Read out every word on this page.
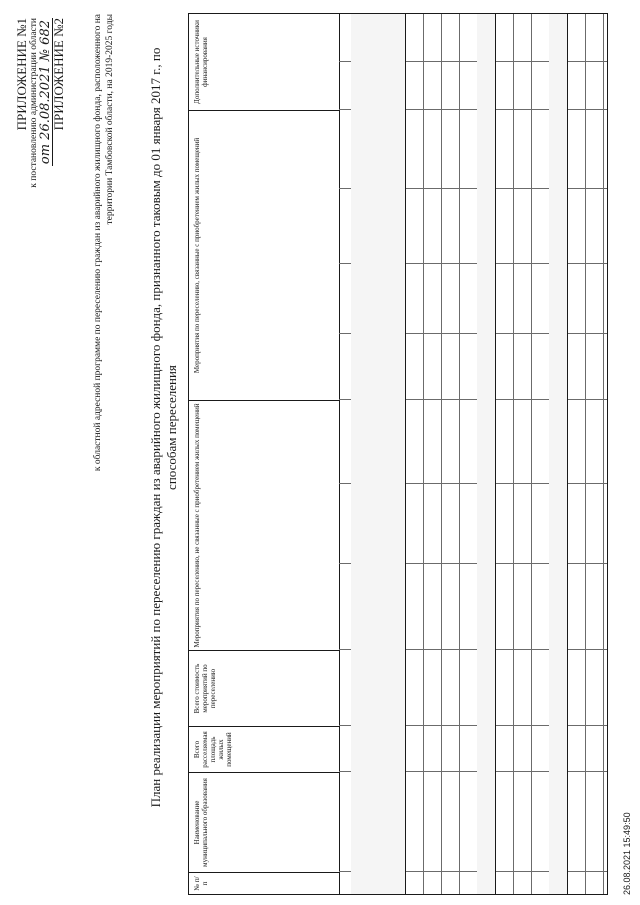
ПРИЛОЖЕНИЕ №1 к постановлению администрации области от 26.08.2021 № 682
ПРИЛОЖЕНИЕ №2	к областной адресной программе по переселению граждан из аварийного жилищного фонда, расположенного на территории Тамбовской области, на 2019-2025 годы	План реализации мероприятий по переселению граждан из аварийного жилищного фонда, признанного таковым до 01 января 2017 г., по способам переселения
№ п/п
Наименование муниципального образования
Всего расселяемая площадь жилых помещений
Всего стоимость мероприятий по переселению
Мероприятия по переселению, не связанные с приобретением жилых помещений
Мероприятия по переселению, связанные с приобретением жилых помещений
Дополнительные источники финансирования
26.08.2021 15:49:50
